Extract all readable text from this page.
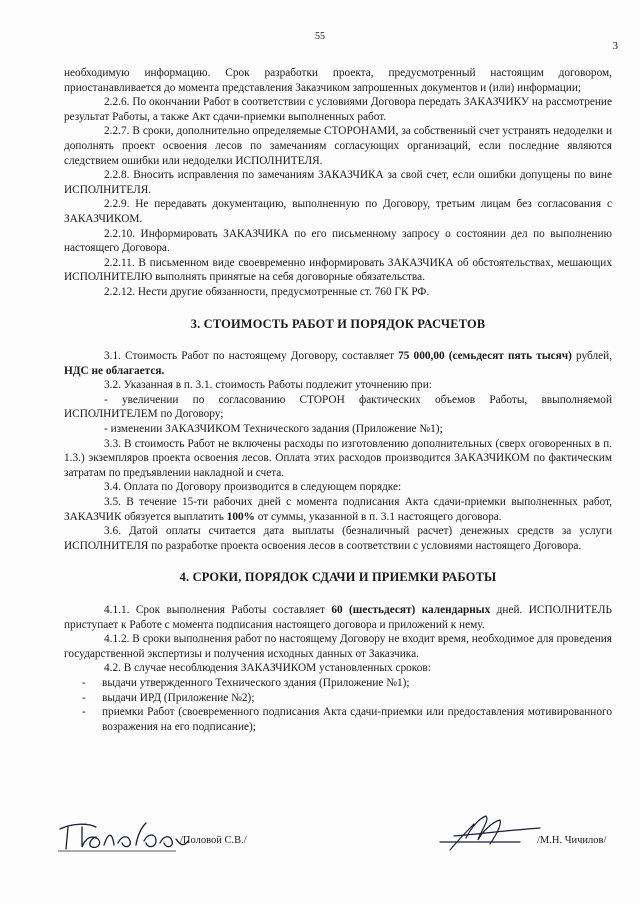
55
3

необходимую информацию. Срок разработки проекта, предусмотренный настоящим договором, приостанавливается до момента представления Заказчиком запрошенных документов и (или) информации;

2.2.6. По окончании Работ в соответствии с условиями Договора передать ЗАКАЗЧИКУ на рассмотрение результат Работы, а также Акт сдачи-приемки выполненных работ.

2.2.7. В сроки, дополнительно определяемые СТОРОНАМИ, за собственный счет устранять недоделки и дополнять проект освоения лесов по замечаниям согласующих организаций, если последние являются следствием ошибки или недоделки ИСПОЛНИТЕЛЯ.

2.2.8. Вносить исправления по замечаниям ЗАКАЗЧИКА за свой счет, если ошибки допущены по вине ИСПОЛНИТЕЛЯ.

2.2.9. Не передавать документацию, выполненную по Договору, третьим лицам без согласования с ЗАКАЗЧИКОМ.

2.2.10. Информировать ЗАКАЗЧИКА по его письменному запросу о состоянии дел по выполнению настоящего Договора.

2.2.11. В письменном виде своевременно информировать ЗАКАЗЧИКА об обстоятельствах, мешающих ИСПОЛНИТЕЛЮ выполнять принятые на себя договорные обязательства.

2.2.12. Нести другие обязанности, предусмотренные ст. 760 ГК РФ.

3. СТОИМОСТЬ РАБОТ И ПОРЯДОК РАСЧЕТОВ

3.1. Стоимость Работ по настоящему Договору, составляет 75 000,00 (семьдесят пять тысяч) рублей, НДС не облагается.

3.2. Указанная в п. 3.1. стоимость Работы подлежит уточнению при:

- увеличении по согласованию СТОРОН фактических объемов Работы, ввыполняемой ИСПОЛНИТЕЛЕМ по Договору;

- изменении ЗАКАЗЧИКОМ Технического задания (Приложение №1);

3.3. В стоимость Работ не включены расходы по изготовлению дополнительных (сверх оговоренных в п. 1.3.) экземпляров проекта освоения лесов. Оплата этих расходов производится ЗАКАЗЧИКОМ по фактическим затратам по предъявлении накладной и счета.

3.4. Оплата по Договору производится в следующем порядке:

3.5. В течение 15-ти рабочих дней с момента подписания Акта сдачи-приемки выполненных работ, ЗАКАЗЧИК обязуется выплатить 100% от суммы, указанной в п. 3.1 настоящего договора.

3.6. Датой оплаты считается дата выплаты (безналичный расчет) денежных средств за услуги ИСПОЛНИТЕЛЯ по разработке проекта освоения лесов в соответствии с условиями настоящего Договора.

4. СРОКИ, ПОРЯДОК СДАЧИ И ПРИЕМКИ РАБОТЫ

4.1.1. Срок выполнения Работы составляет 60 (шестьдесят) календарных дней. ИСПОЛНИТЕЛЬ приступает к Работе с момента подписания настоящего договора и приложений к нему.

4.1.2. В сроки выполнения работ по настоящему Договору не входит время, необходимое для проведения государственной экспертизы и получения исходных данных от Заказчика.

4.2. В случае несоблюдения ЗАКАЗЧИКОМ установленных сроков:

-	выдачи утвержденного Технического здания (Приложение №1);
-	выдачи ИРД (Приложение №2);
-	приемки Работ (своевременного подписания Акта сдачи-приемки или предоставления мотивированного возражения на его подписание);
/Половой С.В./	/М.Н. Чичилов/
